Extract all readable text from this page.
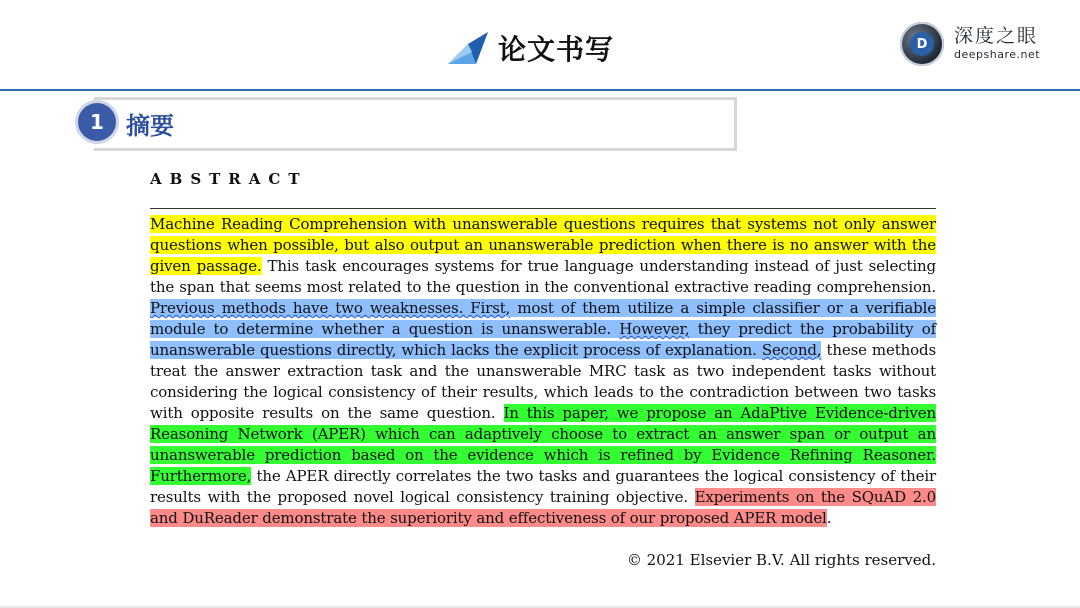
论文书写	D	深度之眼
deepshare.net
1 摘要
ABSTRACT
Machine Reading Comprehension with unanswerable questions requires that systems not only answer questions when possible, but also output an unanswerable prediction when there is no answer with the given passage. This task encourages systems for true language understanding instead of just selecting the span that seems most related to the question in the conventional extractive reading comprehension. Previous methods have two weaknesses. First, most of them utilize a simple classifier or a verifiable module to determine whether a question is unanswerable. However, they predict the probability of unanswerable questions directly, which lacks the explicit process of explanation. Second, these methods treat the answer extraction task and the unanswerable MRC task as two independent tasks without considering the logical consistency of their results, which leads to the contradiction between two tasks with opposite results on the same question. In this paper, we propose an AdaPtive Evidence-driven Reasoning Network (APER) which can adaptively choose to extract an answer span or output an unanswerable prediction based on the evidence which is refined by Evidence Refining Reasoner. Furthermore, the APER directly correlates the two tasks and guarantees the logical consistency of their results with the proposed novel logical consistency training objective. Experiments on the SQuAD 2.0 and DuReader demonstrate the superiority and effectiveness of our proposed APER model.
© 2021 Elsevier B.V. All rights reserved.
